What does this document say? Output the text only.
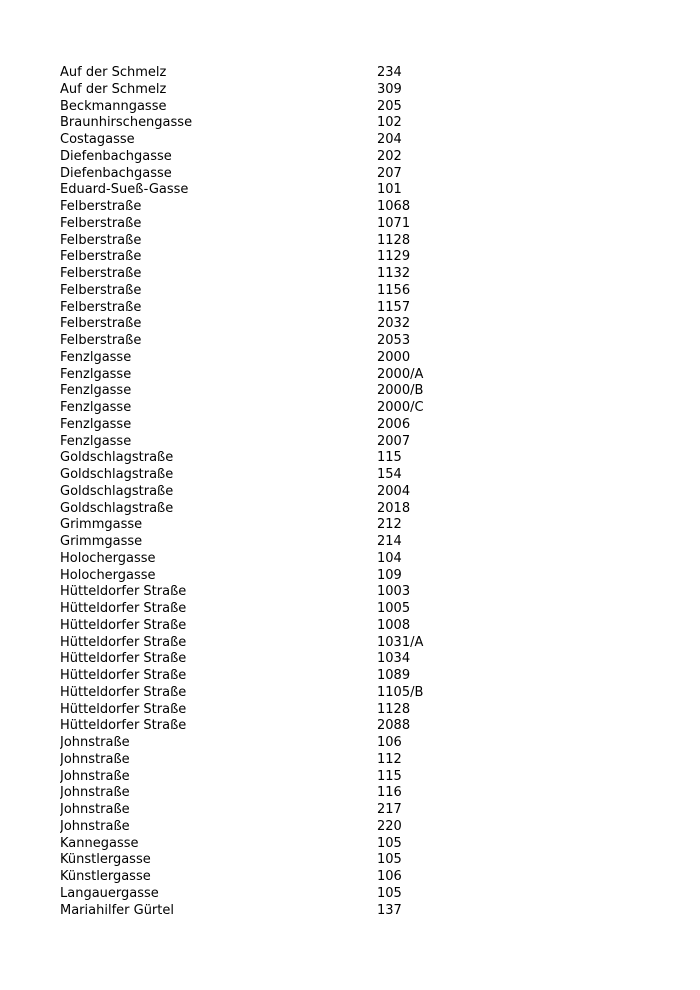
Auf der Schmelz	234
Auf der Schmelz	309
Beckmanngasse	205
Braunhirschengasse	102
Costagasse	204
Diefenbachgasse	202
Diefenbachgasse	207
Eduard-Sueß-Gasse	101
Felberstraße	1068
Felberstraße	1071
Felberstraße	1128
Felberstraße	1129
Felberstraße	1132
Felberstraße	1156
Felberstraße	1157
Felberstraße	2032
Felberstraße	2053
Fenzlgasse	2000
Fenzlgasse	2000/A
Fenzlgasse	2000/B
Fenzlgasse	2000/C
Fenzlgasse	2006
Fenzlgasse	2007
Goldschlagstraße	115
Goldschlagstraße	154
Goldschlagstraße	2004
Goldschlagstraße	2018
Grimmgasse	212
Grimmgasse	214
Holochergasse	104
Holochergasse	109
Hütteldorfer Straße	1003
Hütteldorfer Straße	1005
Hütteldorfer Straße	1008
Hütteldorfer Straße	1031/A
Hütteldorfer Straße	1034
Hütteldorfer Straße	1089
Hütteldorfer Straße	1105/B
Hütteldorfer Straße	1128
Hütteldorfer Straße	2088
Johnstraße	106
Johnstraße	112
Johnstraße	115
Johnstraße	116
Johnstraße	217
Johnstraße	220
Kannegasse	105
Künstlergasse	105
Künstlergasse	106
Langauergasse	105
Mariahilfer Gürtel	137
